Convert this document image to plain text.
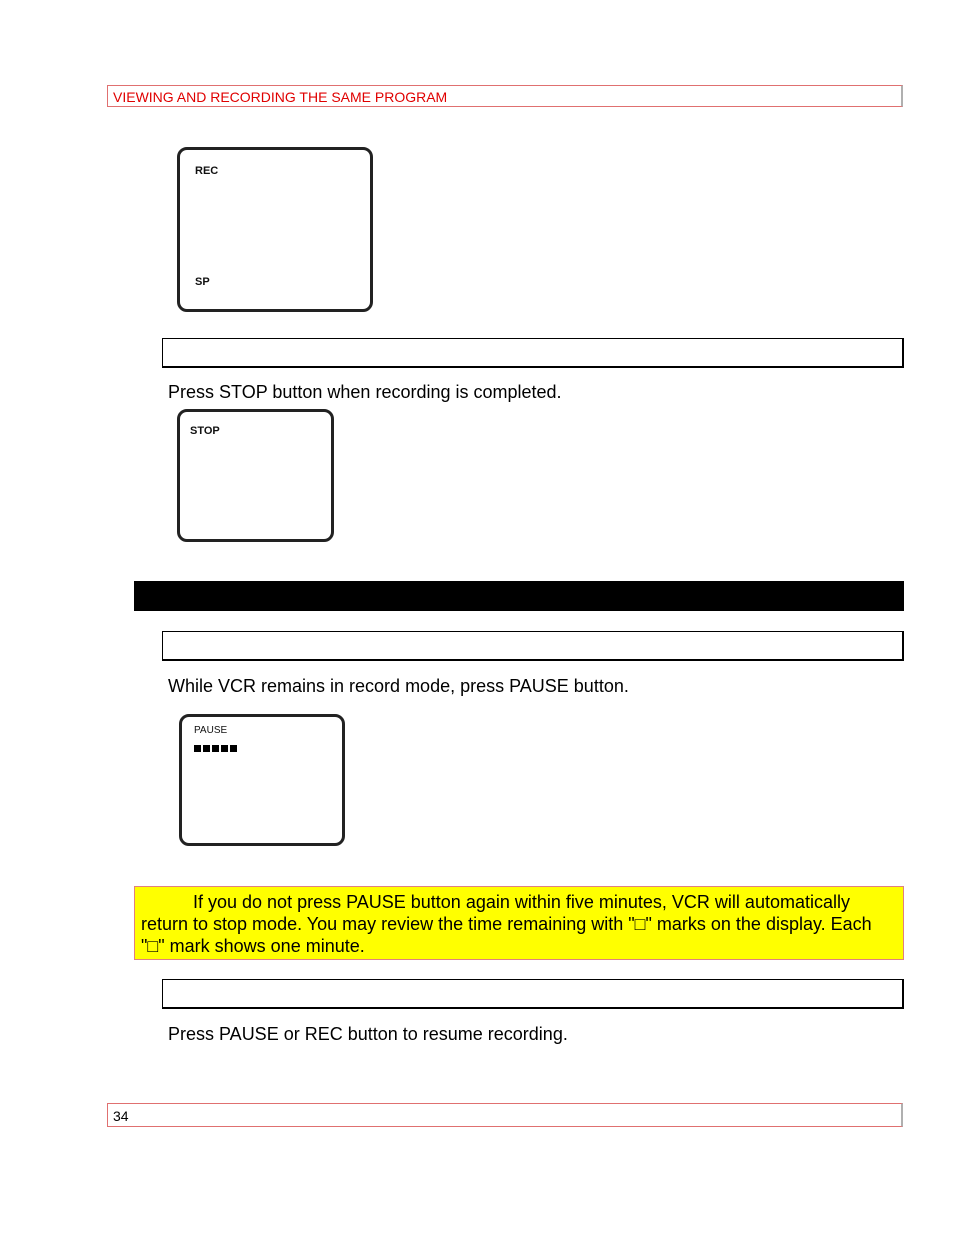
VIEWING AND RECORDING THE SAME PROGRAM
REC
SP
Press STOP button when recording is completed.
STOP
While VCR remains in record mode, press PAUSE button.
PAUSE
If you do not press PAUSE button again within five minutes, VCR will automatically return to stop mode. You may review the time remaining with "□" marks on the display. Each "□" mark shows one minute.
Press PAUSE or REC button to resume recording.
34
